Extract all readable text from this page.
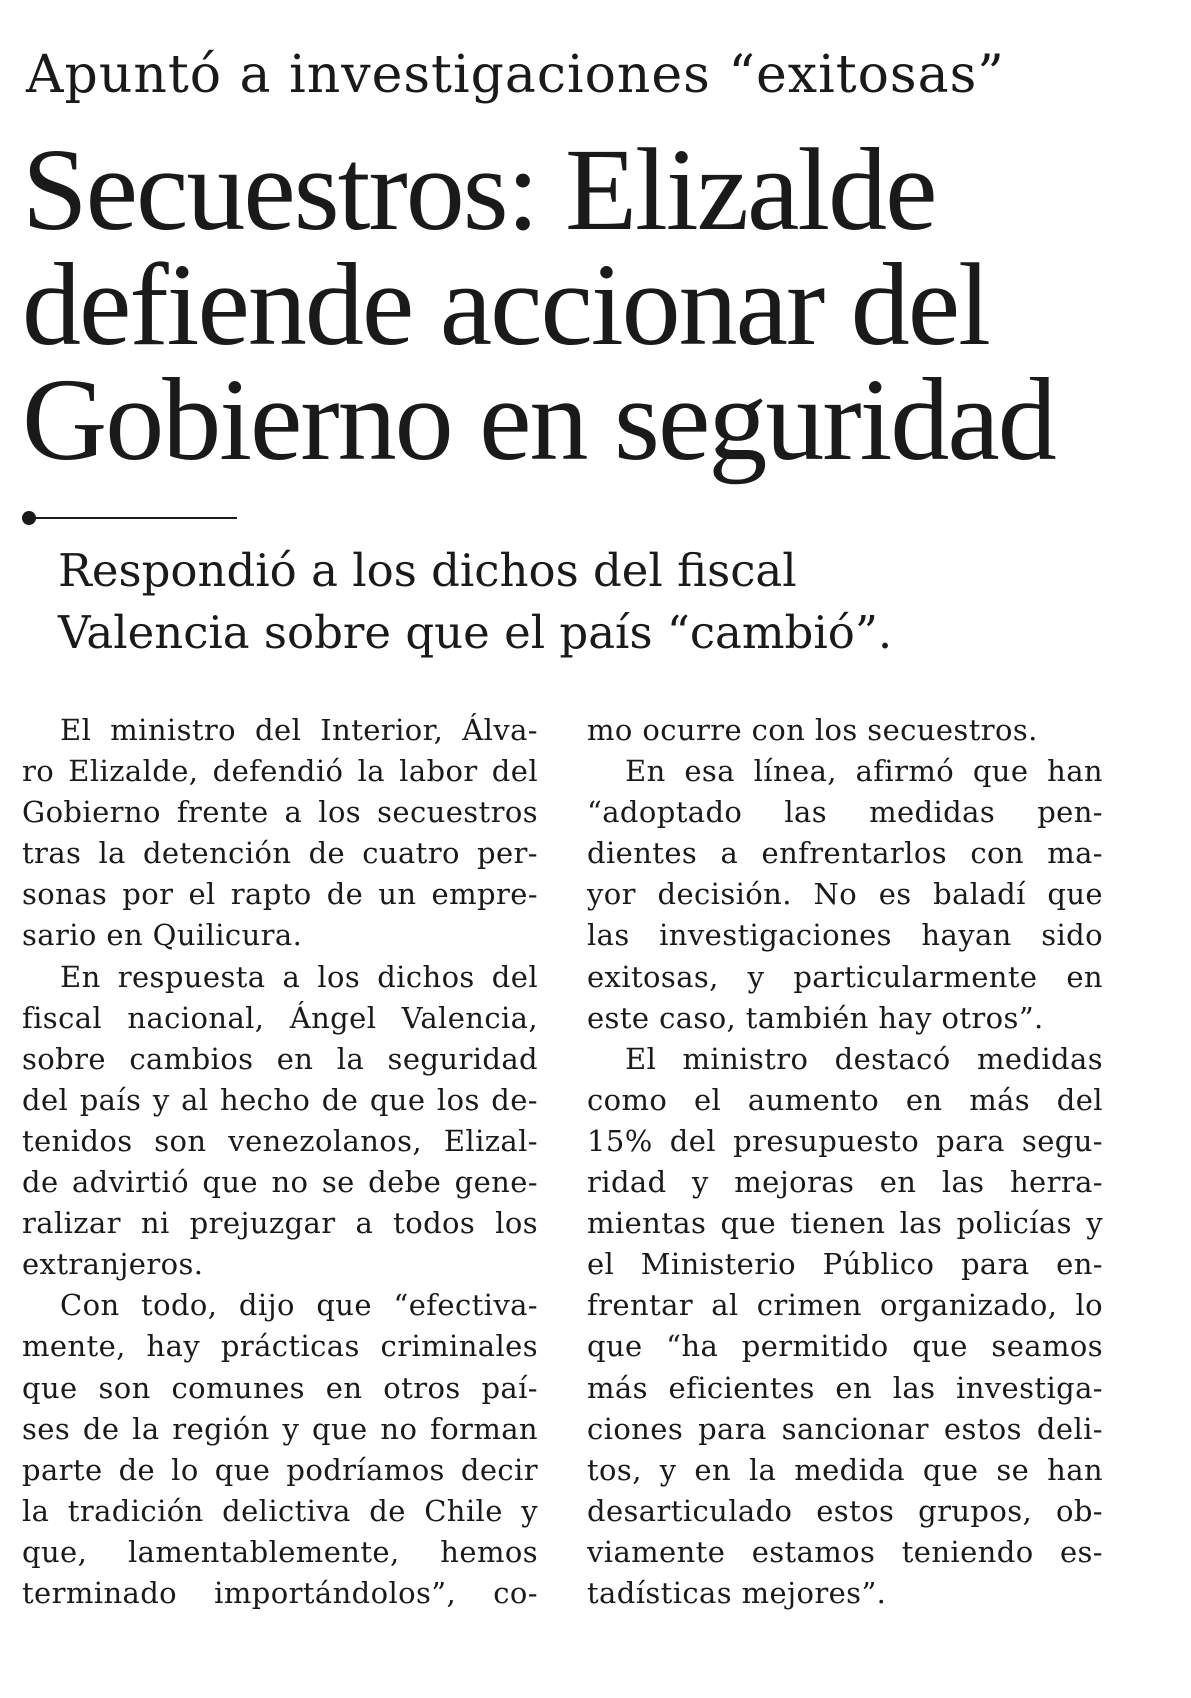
Apuntó a investigaciones “exitosas”
Secuestros: Elizalde
defiende accionar del
Gobierno en seguridad
Respondió a los dichos del fiscal
Valencia sobre que el país “cambió”.
El ministro del Interior, Álva-
ro Elizalde, defendió la labor del
Gobierno frente a los secuestros
tras la detención de cuatro per-
sonas por el rapto de un empre-
sario en Quilicura.
En respuesta a los dichos del
fiscal nacional, Ángel Valencia,
sobre cambios en la seguridad
del país y al hecho de que los de-
tenidos son venezolanos, Elizal-
de advirtió que no se debe gene-
ralizar ni prejuzgar a todos los
extranjeros.
Con todo, dijo que “efectiva-
mente, hay prácticas criminales
que son comunes en otros paí-
ses de la región y que no forman
parte de lo que podríamos decir
la tradición delictiva de Chile y
que, lamentablemente, hemos
terminado importándolos”, co-
mo ocurre con los secuestros.
En esa línea, afirmó que han
“adoptado las medidas pen-
dientes a enfrentarlos con ma-
yor decisión. No es baladí que
las investigaciones hayan sido
exitosas, y particularmente en
este caso, también hay otros”.
El ministro destacó medidas
como el aumento en más del
15% del presupuesto para segu-
ridad y mejoras en las herra-
mientas que tienen las policías y
el Ministerio Público para en-
frentar al crimen organizado, lo
que “ha permitido que seamos
más eficientes en las investiga-
ciones para sancionar estos deli-
tos, y en la medida que se han
desarticulado estos grupos, ob-
viamente estamos teniendo es-
tadísticas mejores”.
